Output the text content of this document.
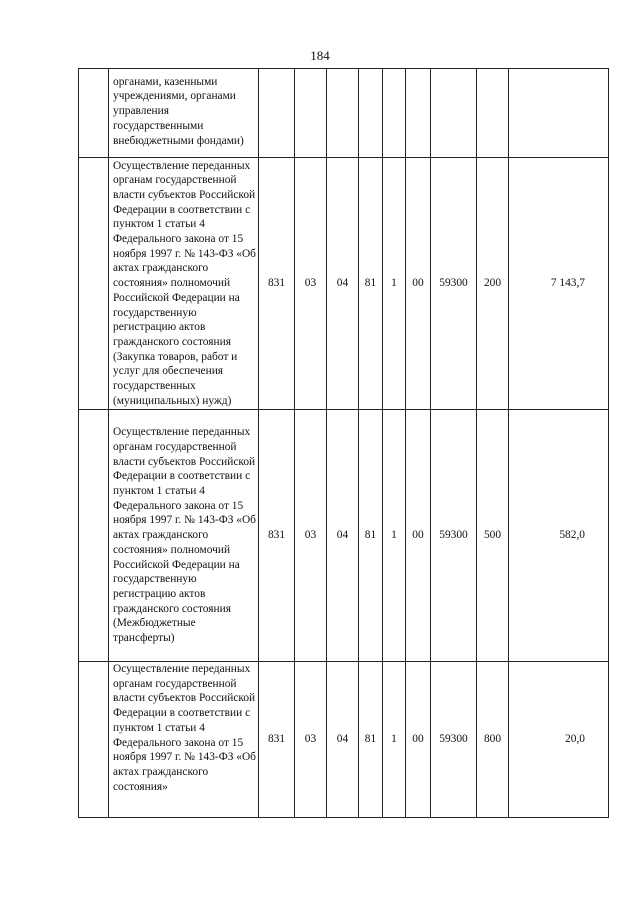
184

	органами, казенными учреждениями, органами управления государственными внебюджетными фондами)									

	Осуществление переданных органам государственной власти субъектов Российской Федерации в соответствии с пунктом 1 статьи 4 Федерального закона от 15 ноября 1997 г. № 143-ФЗ «Об актах гражданского состояния» полномочий Российской Федерации на государственную регистрацию актов гражданского состояния (Закупка товаров, работ и услуг для обеспечения государственных (муниципальных) нужд)	831	03	04	81	1	00	59300	200	7 143,7

	Осуществление переданных органам государственной власти субъектов Российской Федерации в соответствии с пунктом 1 статьи 4 Федерального закона от 15 ноября 1997 г. № 143-ФЗ «Об актах гражданского состояния» полномочий Российской Федерации на государственную регистрацию актов гражданского состояния (Межбюджетные трансферты)	831	03	04	81	1	00	59300	500	582,0

	Осуществление переданных органам государственной власти субъектов Российской Федерации в соответствии с пунктом 1 статьи 4 Федерального закона от 15 ноября 1997 г. № 143-ФЗ «Об актах гражданского состояния»	831	03	04	81	1	00	59300	800	20,0
